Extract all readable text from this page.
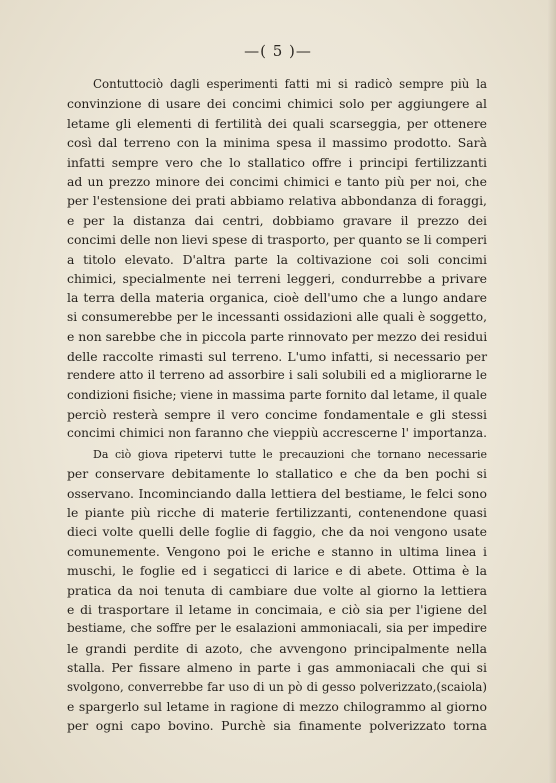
—( 5 )—

Contuttociò dagli esperimenti fatti mi si radicò sempre più la
convinzione di usare dei concimi chimici solo per aggiungere al
letame gli elementi di fertilità dei quali scarseggia, per ottenere
così dal terreno con la minima spesa il massimo prodotto. Sarà
infatti sempre vero che lo stallatico offre i principi fertilizzanti
ad un prezzo minore dei concimi chimici e tanto più per noi, che
per l'estensione dei prati abbiamo relativa abbondanza di foraggi,
e per la distanza dai centri, dobbiamo gravare il prezzo dei
concimi delle non lievi spese di trasporto, per quanto se li comperi
a titolo elevato. D'altra parte la coltivazione coi soli concimi
chimici, specialmente nei terreni leggeri, condurrebbe a privare
la terra della materia organica, cioè dell'umo che a lungo andare
si consumerebbe per le incessanti ossidazioni alle quali è soggetto,
e non sarebbe che in piccola parte rinnovato per mezzo dei residui
delle raccolte rimasti sul terreno. L'umo infatti, si necessario per
rendere atto il terreno ad assorbire i sali solubili ed a migliorarne le
condizioni fisiche; viene in massima parte fornito dal letame, il quale
perciò resterà sempre il vero concime fondamentale e gli stessi
concimi chimici non faranno che vieppiù accrescerne l' importanza.

Da ciò giova ripetervi tutte le precauzioni che tornano necessarie
per conservare debitamente lo stallatico e che da ben pochi si
osservano. Incominciando dalla lettiera del bestiame, le felci sono
le piante più ricche di materie fertilizzanti, contenendone quasi
dieci volte quelli delle foglie di faggio, che da noi vengono usate
comunemente. Vengono poi le eriche e stanno in ultima linea i
muschi, le foglie ed i segaticci di larice e di abete. Ottima è la
pratica da noi tenuta di cambiare due volte al giorno la lettiera
e di trasportare il letame in concimaia, e ciò sia per l'igiene del
bestiame, che soffre per le esalazioni ammoniacali, sia per impedire
le grandi perdite di azoto, che avvengono principalmente nella
stalla. Per fissare almeno in parte i gas ammoniacali che qui si
svolgono, converrebbe far uso di un pò di gesso polverizzato,(scaiola)
e spargerlo sul letame in ragione di mezzo chilogrammo al giorno
per ogni capo bovino. Purchè sia finamente polverizzato torna
